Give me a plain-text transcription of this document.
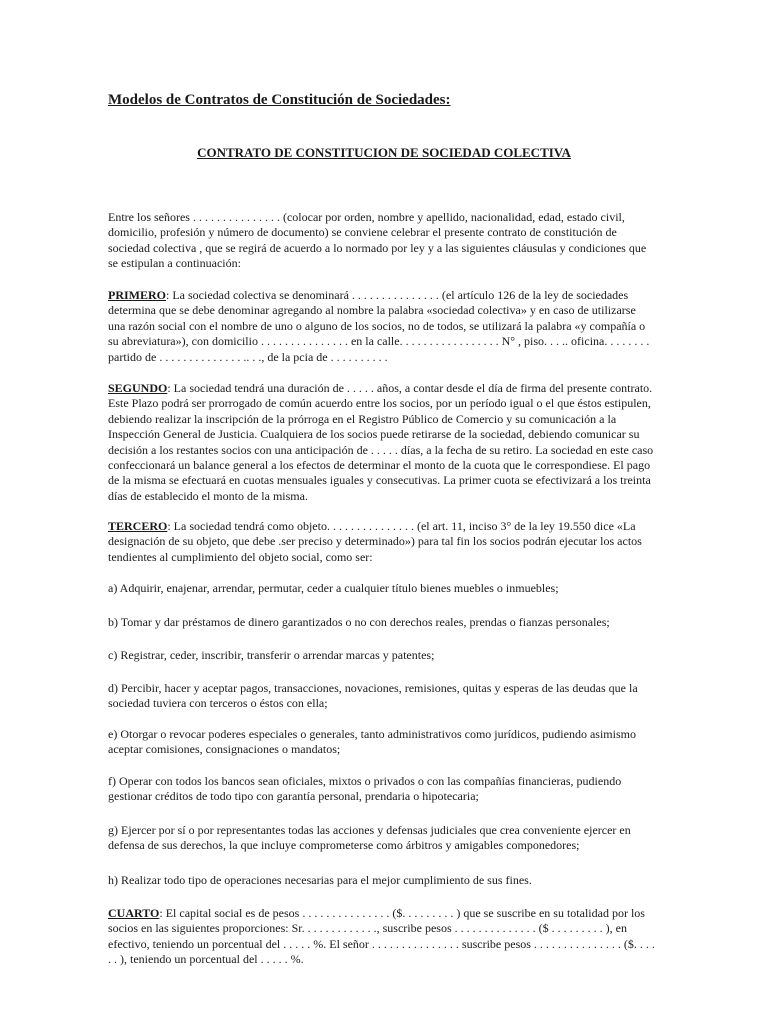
Modelos de Contratos de Constitución de Sociedades:
CONTRATO DE CONSTITUCION DE SOCIEDAD COLECTIVA
Entre los señores . . . . . . . . . . . . . . . (colocar por orden, nombre y apellido, nacionalidad, edad, estado civil, domicilio, profesión y número de documento) se conviene celebrar el presente contrato de constitución de sociedad colectiva , que se regirá de acuerdo a lo normado por ley y a las siguientes cláusulas y condiciones que se estipulan a continuación:
PRIMERO: La sociedad colectiva se denominará . . . . . . . . . . . . . . . (el artículo 126 de la ley de sociedades determina que se debe denominar agregando al nombre la palabra «sociedad colectiva» y en caso de utilizarse una razón social con el nombre de uno o alguno de los socios, no de todos, se utilizará la palabra «y compañía o su abreviatura»), con domicilio . . . . . . . . . . . . . . . en la calle. . . . . . . . . . . . . . . . . N° , piso. . . .. oficina. . . . . . . . partido de . . . . . . . . . . . . . . .. . ., de la pcia de . . . . . . . . . .
SEGUNDO: La sociedad tendrá una duración de . . . . . años, a contar desde el día de firma del presente contrato. Este Plazo podrá ser prorrogado de común acuerdo entre los socios, por un período igual o el que éstos estipulen, debiendo realizar la inscripción de la prórroga en el Registro Público de Comercio y su comunicación a la Inspección General de Justicia. Cualquiera de los socios puede retirarse de la sociedad, debiendo comunicar su decisión a los restantes socios con una anticipación de . . . . . días, a la fecha de su retiro. La sociedad en este caso confeccionará un balance general a los efectos de determinar el monto de la cuota que le correspondiese. El pago de la misma se efectuará en cuotas mensuales iguales y consecutivas. La primer cuota se efectivizará a los treinta días de establecido el monto de la misma.
TERCERO: La sociedad tendrá como objeto. . . . . . . . . . . . . . . (el art. 11, inciso 3° de la ley 19.550 dice «La designación de su objeto, que debe .ser preciso y determinado») para tal fin los socios podrán ejecutar los actos tendientes al cumplimiento del objeto social, como ser:
a) Adquirir, enajenar, arrendar, permutar, ceder a cualquier título bienes muebles o inmuebles;
b) Tomar y dar préstamos de dinero garantizados o no con derechos reales, prendas o fianzas personales;
c) Registrar, ceder, inscribir, transferir o arrendar marcas y patentes;
d) Percibir, hacer y aceptar pagos, transacciones, novaciones, remisiones, quitas y esperas de las deudas que la sociedad tuviera con terceros o éstos con ella;
e) Otorgar o revocar poderes especiales o generales, tanto administrativos como jurídicos, pudiendo asimismo aceptar comisiones, consignaciones o mandatos;
f) Operar con todos los bancos sean oficiales, mixtos o privados o con las compañías financieras, pudiendo gestionar créditos de todo tipo con garantía personal, prendaria o hipotecaria;
g) Ejercer por sí o por representantes todas las acciones y defensas judiciales que crea conveniente ejercer en defensa de sus derechos, la que incluye comprometerse como árbitros y amigables componedores;
h) Realizar todo tipo de operaciones necesarias para el mejor cumplimiento de sus fines.
CUARTO: El capital social es de pesos . . . . . . . . . . . . . . . ($. . . . . . . . . ) que se suscribe en su totalidad por los socios en las siguientes proporciones: Sr. . . . . . . . . . . . ., suscribe pesos . . . . . . . . . . . . . . ($ . . . . . . . . . ), en efectivo, teniendo un porcentual del . . . . . %. El señor . . . . . . . . . . . . . . . suscribe pesos . . . . . . . . . . . . . . . ($. . . . . . ), teniendo un porcentual del . . . . . %.
